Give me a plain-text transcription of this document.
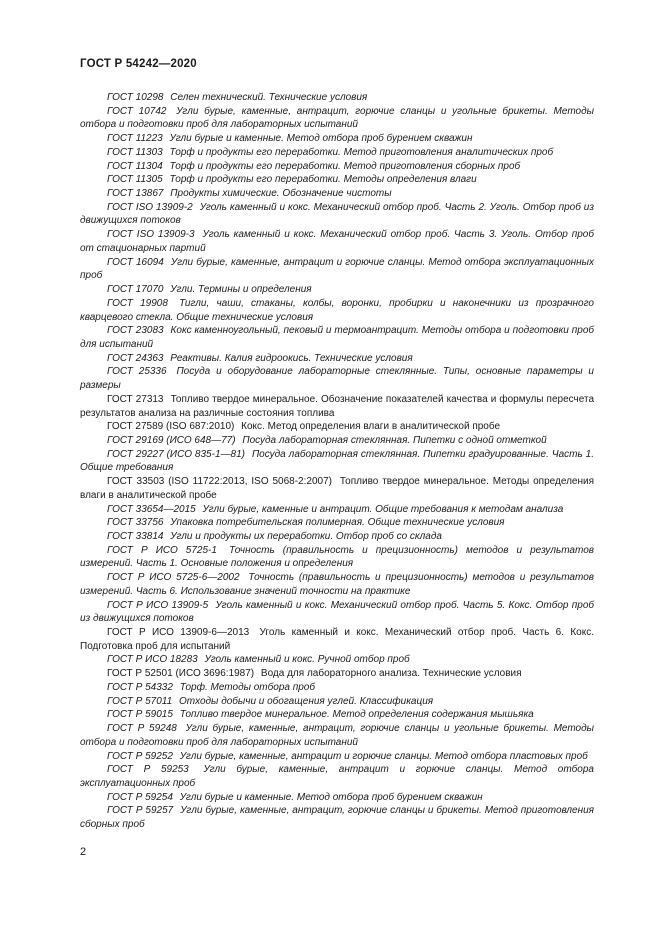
ГОСТ Р 54242—2020

ГОСТ 10298 Селен технический. Технические условия

ГОСТ 10742 Угли бурые, каменные, антрацит, горючие сланцы и угольные брикеты. Методы отбора и подготовки проб для лабораторных испытаний

ГОСТ 11223 Угли бурые и каменные. Метод отбора проб бурением скважин

ГОСТ 11303 Торф и продукты его переработки. Метод приготовления аналитических проб

ГОСТ 11304 Торф и продукты его переработки. Метод приготовления сборных проб

ГОСТ 11305 Торф и продукты его переработки. Методы определения влаги

ГОСТ 13867 Продукты химические. Обозначение чистоты

ГОСТ ISO 13909-2 Уголь каменный и кокс. Механический отбор проб. Часть 2. Уголь. Отбор проб из движущихся потоков

ГОСТ ISO 13909-3 Уголь каменный и кокс. Механический отбор проб. Часть 3. Уголь. Отбор проб от стационарных партий

ГОСТ 16094 Угли бурые, каменные, антрацит и горючие сланцы. Метод отбора эксплуатационных проб

ГОСТ 17070 Угли. Термины и определения

ГОСТ 19908 Тигли, чаши, стаканы, колбы, воронки, пробирки и наконечники из прозрачного кварцевого стекла. Общие технические условия

ГОСТ 23083 Кокс каменноугольный, пековый и термоантрацит. Методы отбора и подготовки проб для испытаний

ГОСТ 24363 Реактивы. Калия гидроокись. Технические условия

ГОСТ 25336 Посуда и оборудование лабораторные стеклянные. Типы, основные параметры и размеры

ГОСТ 27313 Топливо твердое минеральное. Обозначение показателей качества и формулы пересчета результатов анализа на различные состояния топлива

ГОСТ 27589 (ISO 687:2010) Кокс. Метод определения влаги в аналитической пробе

ГОСТ 29169 (ИСО 648—77) Посуда лабораторная стеклянная. Пипетки с одной отметкой

ГОСТ 29227 (ИСО 835-1—81) Посуда лабораторная стеклянная. Пипетки градуированные. Часть 1. Общие требования

ГОСТ 33503 (ISO 11722:2013, ISO 5068-2:2007) Топливо твердое минеральное. Методы определения влаги в аналитической пробе

ГОСТ 33654—2015 Угли бурые, каменные и антрацит. Общие требования к методам анализа

ГОСТ 33756 Упаковка потребительская полимерная. Общие технические условия

ГОСТ 33814 Угли и продукты их переработки. Отбор проб со склада

ГОСТ Р ИСО 5725-1 Точность (правильность и прецизионность) методов и результатов измерений. Часть 1. Основные положения и определения

ГОСТ Р ИСО 5725-6—2002 Точность (правильность и прецизионность) методов и результатов измерений. Часть 6. Использование значений точности на практике

ГОСТ Р ИСО 13909-5 Уголь каменный и кокс. Механический отбор проб. Часть 5. Кокс. Отбор проб из движущихся потоков

ГОСТ Р ИСО 13909-6—2013 Уголь каменный и кокс. Механический отбор проб. Часть 6. Кокс. Подготовка проб для испытаний

ГОСТ Р ИСО 18283 Уголь каменный и кокс. Ручной отбор проб

ГОСТ Р 52501 (ИСО 3696:1987) Вода для лабораторного анализа. Технические условия

ГОСТ Р 54332 Торф. Методы отбора проб

ГОСТ Р 57011 Отходы добычи и обогащения углей. Классификация

ГОСТ Р 59015 Топливо твердое минеральное. Метод определения содержания мышьяка

ГОСТ Р 59248 Угли бурые, каменные, антрацит, горючие сланцы и угольные брикеты. Методы отбора и подготовки проб для лабораторных испытаний

ГОСТ Р 59252 Угли бурые, каменные, антрацит и горючие сланцы. Метод отбора пластовых проб

ГОСТ Р 59253 Угли бурые, каменные, антрацит и горючие сланцы. Метод отбора эксплуатационных проб

ГОСТ Р 59254 Угли бурые и каменные. Метод отбора проб бурением скважин

ГОСТ Р 59257 Угли бурые, каменные, антрацит, горючие сланцы и брикеты. Метод приготовления сборных проб

2
